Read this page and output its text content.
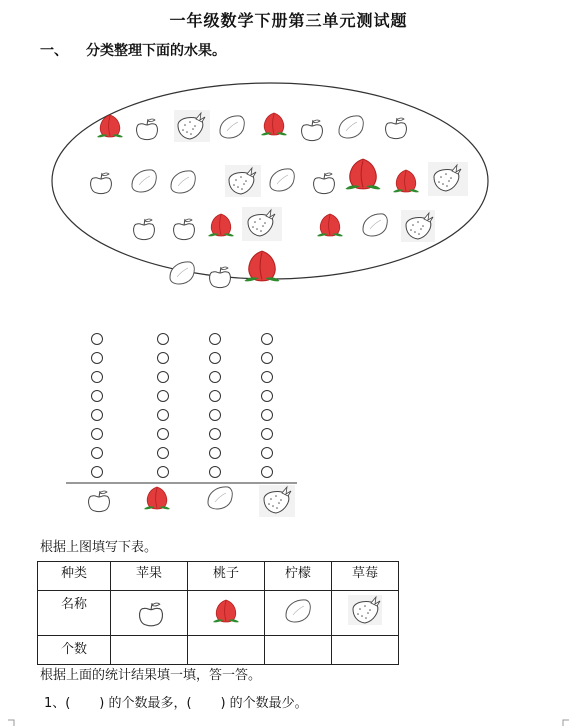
一年级数学下册第三单元测试题
一、 分类整理下面的水果。
根据上图填写下表。
种类	苹果	桃子	柠檬	草莓
名称				
个数				
根据上面的统计结果填一填，答一答。
1、(       ) 的个数最多，(       ) 的个数最少。
